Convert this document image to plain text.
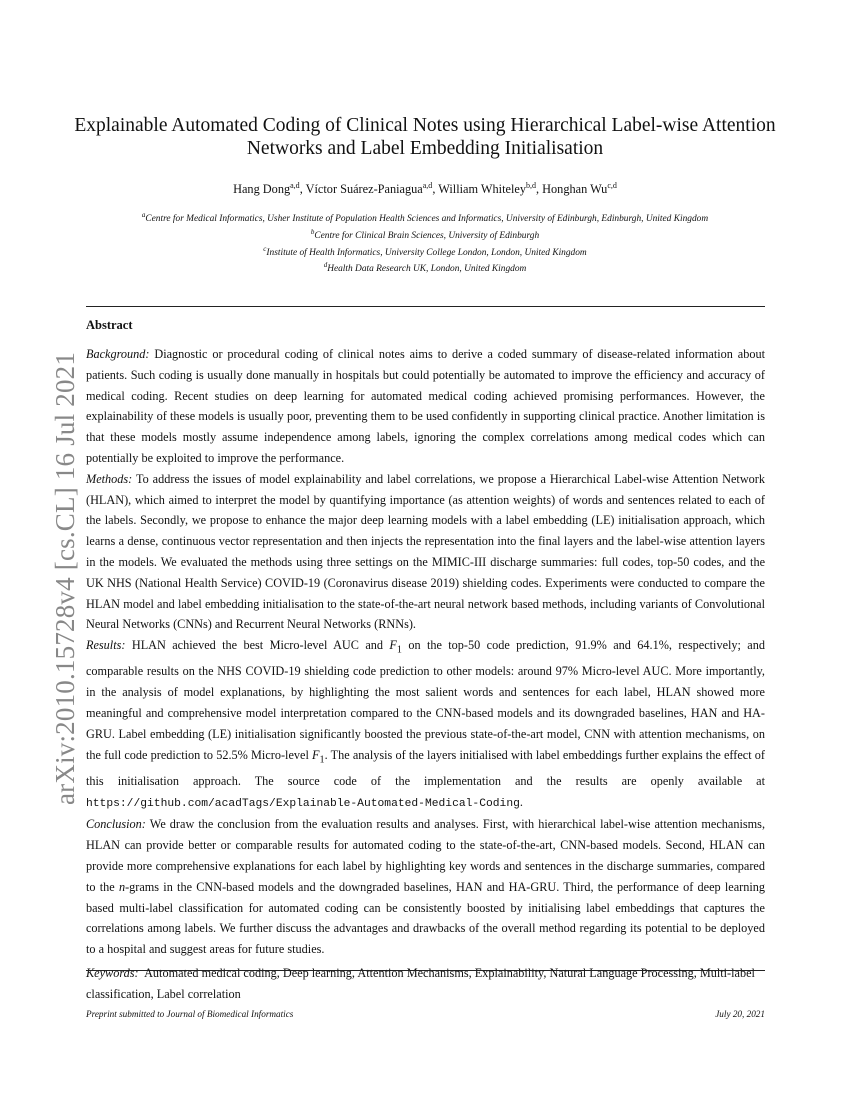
arXiv:2010.15728v4 [cs.CL] 16 Jul 2021
Explainable Automated Coding of Clinical Notes using Hierarchical Label-wise Attention
Networks and Label Embedding Initialisation
Hang Dong$^{a,d}$, Víctor Suárez-Paniagua$^{a,d}$, William Whiteley$^{b,d}$, Honghan Wu$^{c,d}$
$^a$Centre for Medical Informatics, Usher Institute of Population Health Sciences and Informatics, University of Edinburgh, Edinburgh, United Kingdom
$^b$Centre for Clinical Brain Sciences, University of Edinburgh
$^c$Institute of Health Informatics, University College London, London, United Kingdom
$^d$Health Data Research UK, London, United Kingdom
Abstract

Background: Diagnostic or procedural coding of clinical notes aims to derive a coded summary of disease-related information about patients. Such coding is usually done manually in hospitals but could potentially be automated to improve the efficiency and accuracy of medical coding. Recent studies on deep learning for automated medical coding achieved promising performances. However, the explainability of these models is usually poor, preventing them to be used confidently in supporting clinical practice. Another limitation is that these models mostly assume independence among labels, ignoring the complex correlations among medical codes which can potentially be exploited to improve the performance.

Methods: To address the issues of model explainability and label correlations, we propose a Hierarchical Label-wise Attention Network (HLAN), which aimed to interpret the model by quantifying importance (as attention weights) of words and sentences related to each of the labels. Secondly, we propose to enhance the major deep learning models with a label embedding (LE) initialisation approach, which learns a dense, continuous vector representation and then injects the representation into the final layers and the label-wise attention layers in the models. We evaluated the methods using three settings on the MIMIC-III discharge summaries: full codes, top-50 codes, and the UK NHS (National Health Service) COVID-19 (Coronavirus disease 2019) shielding codes. Experiments were conducted to compare the HLAN model and label embedding initialisation to the state-of-the-art neural network based methods, including variants of Convolutional Neural Networks (CNNs) and Recurrent Neural Networks (RNNs).

Results: HLAN achieved the best Micro-level AUC and $F_1$ on the top-50 code prediction, 91.9% and 64.1%, respectively; and comparable results on the NHS COVID-19 shielding code prediction to other models: around 97% Micro-level AUC. More importantly, in the analysis of model explanations, by highlighting the most salient words and sentences for each label, HLAN showed more meaningful and comprehensive model interpretation compared to the CNN-based models and its downgraded baselines, HAN and HA-GRU. Label embedding (LE) initialisation significantly boosted the previous state-of-the-art model, CNN with attention mechanisms, on the full code prediction to 52.5% Micro-level $F_1$. The analysis of the layers initialised with label embeddings further explains the effect of this initialisation approach. The source code of the implementation and the results are openly available at https://github.com/acadTags/Explainable-Automated-Medical-Coding.

Conclusion: We draw the conclusion from the evaluation results and analyses. First, with hierarchical label-wise attention mechanisms, HLAN can provide better or comparable results for automated coding to the state-of-the-art, CNN-based models. Second, HLAN can provide more comprehensive explanations for each label by highlighting key words and sentences in the discharge summaries, compared to the n-grams in the CNN-based models and the downgraded baselines, HAN and HA-GRU. Third, the performance of deep learning based multi-label classification for automated coding can be consistently boosted by initialising label embeddings that captures the correlations among labels. We further discuss the advantages and drawbacks of the overall method regarding its potential to be deployed to a hospital and suggest areas for future studies.

Keywords: Automated medical coding, Deep learning, Attention Mechanisms, Explainability, Natural Language Processing, Multi-label classification, Label correlation

Preprint submitted to Journal of Biomedical Informatics	July 20, 2021
